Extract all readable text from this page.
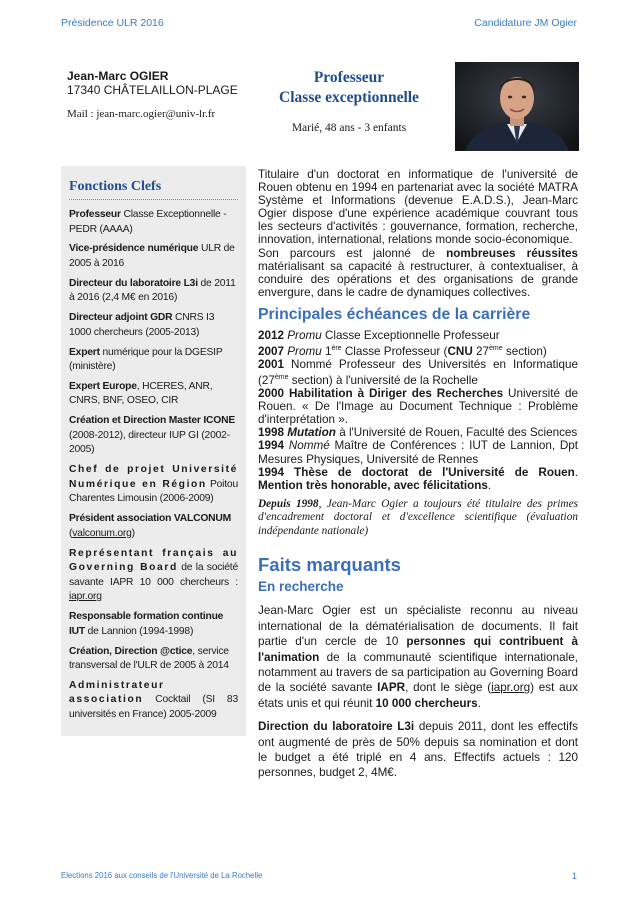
Présidence ULR 2016	Candidature JM Ogier
Jean-Marc OGIER
17340 CHÂTELAILLON-PLAGE
Mail : jean-marc.ogier@univ-lr.fr
Professeur
Classe exceptionnelle
Marié, 48 ans - 3 enfants
Fonctions Clefs
Professeur Classe Exceptionnelle - PEDR (AAAA)
Vice-présidence numérique ULR de 2005 à 2016
Directeur du laboratoire L3i de 2011 à 2016 (2,4 M€ en 2016)
Directeur adjoint GDR CNRS I3 1000 chercheurs (2005-2013)
Expert numérique pour la DGESIP (ministère)
Expert Europe, HCERES, ANR, CNRS, BNF, OSEO, CIR
Création et Direction Master ICONE (2008-2012), directeur IUP GI (2002-2005)
Chef de projet Université Numérique en Région Poitou Charentes Limousin (2006-2009)
Président association VALCONUM (valconum.org)
Représentant français au Governing Board de la société savante IAPR 10 000 chercheurs : iapr.org
Responsable formation continue IUT de Lannion (1994-1998)
Création, Direction @ctice, service transversal de l'ULR de 2005 à 2014
Administrateur association Cocktail (SI 83 universités en France) 2005-2009

Titulaire d'un doctorat en informatique de l'université de Rouen obtenu en 1994 en partenariat avec la société MATRA Système et Informations (devenue E.A.D.S.), Jean-Marc Ogier dispose d'une expérience académique couvrant tous les secteurs d'activités : gouvernance, formation, recherche, innovation, international, relations monde socio-économique.

Son parcours est jalonné de nombreuses réussites matérialisant sa capacité à restructurer, à contextualiser, à conduire des opérations et des organisations de grande envergure, dans le cadre de dynamiques collectives.

Principales échéances de la carrière

2012 Promu Classe Exceptionnelle Professeur

2007 Promu 1ère Classe Professeur (CNU 27ème section)

2001 Nommé Professeur des Universités en Informatique (27ème section) à l'université de la Rochelle

2000 Habilitation à Diriger des Recherches Université de Rouen. « De l'Image au Document Technique : Problème d'interprétation ».

1998 Mutation à l'Université de Rouen, Faculté des Sciences

1994 Nommé Maître de Conférences : IUT de Lannion, Dpt Mesures Physiques, Université de Rennes

1994 Thèse de doctorat de l'Université de Rouen. Mention très honorable, avec félicitations.

Depuis 1998, Jean-Marc Ogier a toujours été titulaire des primes d'encadrement doctoral et d'excellence scientifique (évaluation indépendante nationale)

Faits marquants
En recherche

Jean-Marc Ogier est un spécialiste reconnu au niveau international de la dématérialisation de documents. Il fait partie d'un cercle de 10 personnes qui contribuent à l'animation de la communauté scientifique internationale, notamment au travers de sa participation au Governing Board de la société savante IAPR, dont le siège (iapr.org) est aux états unis et qui réunit 10 000 chercheurs.

Direction du laboratoire L3i depuis 2011, dont les effectifs ont augmenté de près de 50% depuis sa nomination et dont le budget a été triplé en 4 ans. Effectifs actuels : 120 personnes, budget 2, 4M€.

Elections 2016 aux conseils de l'Université de La Rochelle	1
